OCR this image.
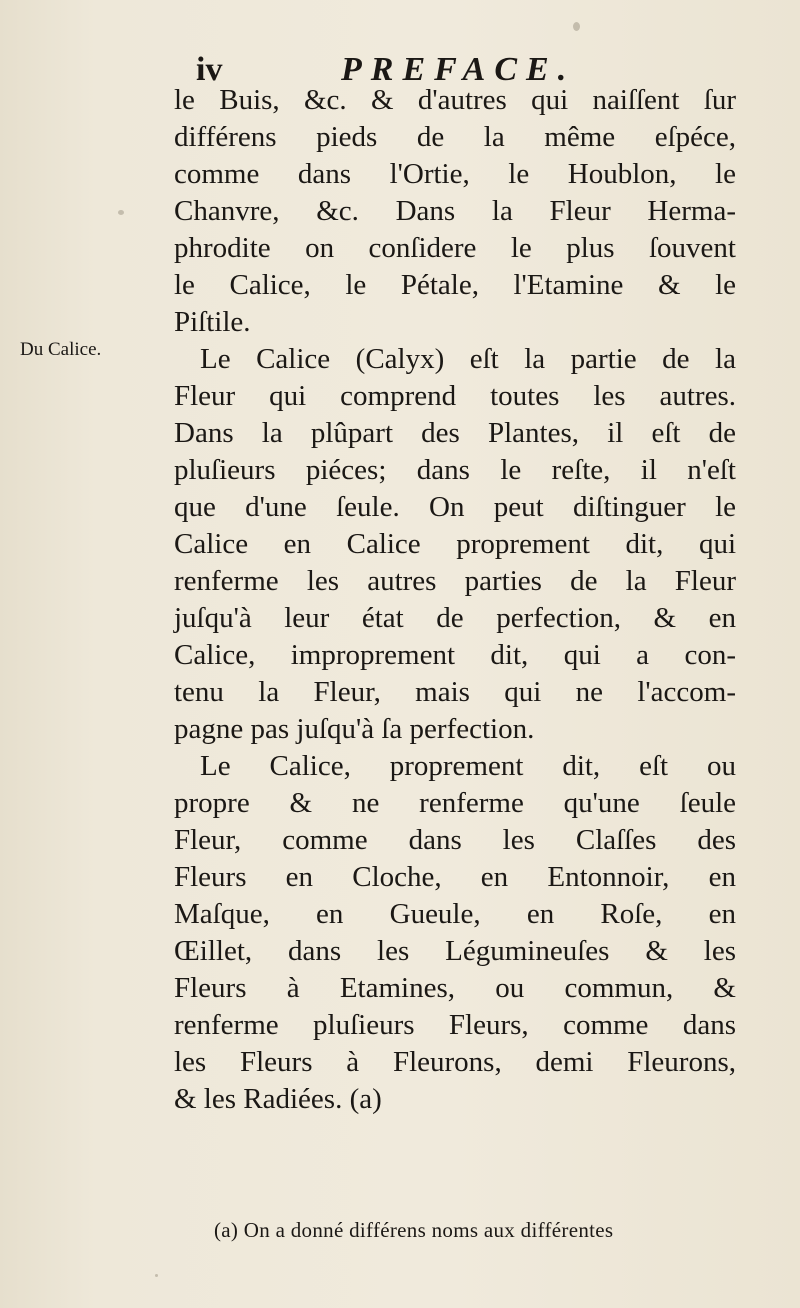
iv	PREFACE.
Du Calice.
le Buis, &c. & d'autres qui naiſſent ſur
différens pieds de la même eſpéce,
comme dans l'Ortie, le Houblon, le
Chanvre, &c. Dans la Fleur Herma-
phrodite on conſidere le plus ſouvent
le Calice, le Pétale, l'Etamine & le
Piſtile.
Le Calice (Calyx) eſt la partie de la
Fleur qui comprend toutes les autres.
Dans la plûpart des Plantes, il eſt de
pluſieurs piéces; dans le reſte, il n'eſt
que d'une ſeule. On peut diſtinguer le
Calice en Calice proprement dit, qui
renferme les autres parties de la Fleur
juſqu'à leur état de perfection, & en
Calice, improprement dit, qui a con-
tenu la Fleur, mais qui ne l'accom-
pagne pas juſqu'à ſa perfection.
Le Calice, proprement dit, eſt ou
propre & ne renferme qu'une ſeule
Fleur, comme dans les Claſſes des
Fleurs en Cloche, en Entonnoir, en
Maſque, en Gueule, en Roſe, en
Œillet, dans les Légumineuſes & les
Fleurs à Etamines, ou commun, &
renferme pluſieurs Fleurs, comme dans
les Fleurs à Fleurons, demi Fleurons,
& les Radiées. (a)
(a) On a donné différens noms aux différentes
